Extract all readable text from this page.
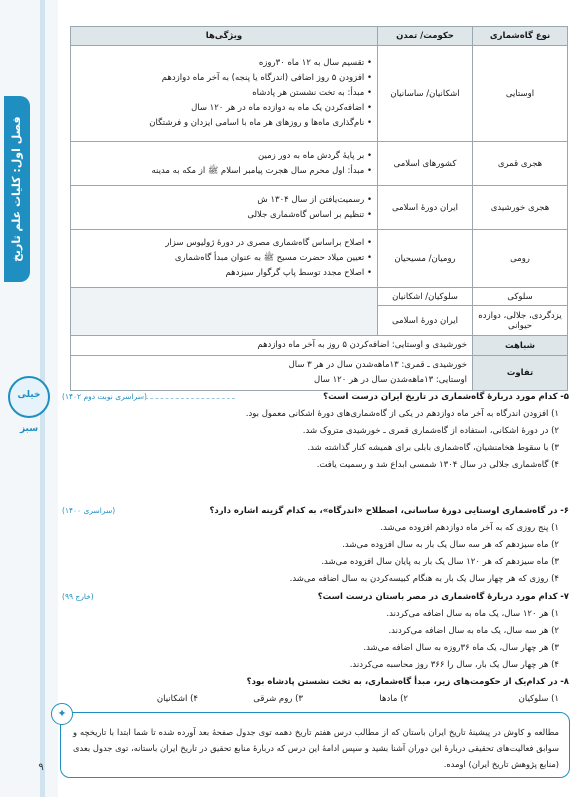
فصل اول: کلیات علم تاریخ
خیلی سبز
۹
نوع گاه‌شماری	حکومت/ تمدن	ویژگی‌ها
اوستایی	اشکانیان/ ساسانیان	• تقسیم سال به ۱۲ ماه ۳۰روزه
• افزودن ۵ روز اضافی (اندرگاه یا پنجه) به آخر ماه دوازدهم
• مبدأ: به تخت نشستن هر پادشاه
• اضافه‌کردن یک ماه به دوازده ماه در هر ۱۲۰ سال
• نام‌گذاری ماه‌ها و روزهای هر ماه با اسامی ایزدان و فرشتگان

هجری قمری	کشورهای اسلامی	• بر پایهٔ گردش ماه به دور زمین
• مبدأ: اول محرم سال هجرت پیامبر اسلام ﷺ از مکه به مدینه

هجری خورشیدی	ایران دورهٔ اسلامی	• رسمیت‌یافتن از سال ۱۳۰۴ ش
• تنظیم بر اساس گاه‌شماری جلالی

رومی	رومیان/ مسیحیان	• اصلاح براساس گاه‌شماری مصری در دورهٔ ژولیوس سزار
• تعیین میلاد حضرت مسیح ﷺ به عنوان مبدأ گاه‌شماری
• اصلاح مجدد توسط پاپ گرگوار سیزدهم

سلوکی	سلوکیان/ اشکانیان	
یزدگردی، جلالی، دوازده حیوانی	ایران دورهٔ اسلامی	
شباهت	خورشیدی و اوستایی: اضافه‌کردن ۵ روز به آخر ماه دوازدهم	
تفاوت	خورشیدی ـ قمری: ۱۳ماهه‌شدن سال در هر ۳ سال
اوستایی: ۱۳ماهه‌شدن سال در هر ۱۲۰ سال	
۵- کدام مورد دربارهٔ گاه‌شماری در تاریخ ایران درست است؟
(سراسری نوبت دوم ۱۴۰۲)
۱) افزودن اندرگاه به آخر ماه دوازدهم در یکی از گاه‌شماری‌های دورهٔ اشکانی معمول بود.
۲) در دورهٔ اشکانی، استفاده از گاه‌شماری قمری ـ خورشیدی متروک شد.
۳) با سقوط هخامنشیان، گاه‌شماری بابلی برای همیشه کنار گذاشته شد.
۴) گاه‌شماری جلالی در سال ۱۳۰۴ شمسی ابداع شد و رسمیت یافت.
۶- در گاه‌شماری اوستایی دورهٔ ساسانی، اصطلاح «اندرگاه»، به کدام گزینه اشاره دارد؟
(سراسری ۱۴۰۰)
۱) پنج روزی که به آخر ماه دوازدهم افزوده می‌شد.
۲) ماه سیزدهم که هر سه سال یک بار به سال افزوده می‌شد.
۳) ماه سیزدهم که هر ۱۲۰ سال یک بار به پایان سال افزوده می‌شد.
۴) روزی که هر چهار سال یک بار به هنگام کبیسه‌کردن به سال اضافه می‌شد.
۷- کدام مورد دربارهٔ گاه‌شماری در مصر باستان درست است؟
(خارج ۹۹)
۱) هر ۱۲۰ سال، یک ماه به سال اضافه می‌کردند.
۲) هر سه سال، یک ماه به سال اضافه می‌کردند.
۳) هر چهار سال، یک ماه ۳۶روزه به سال اضافه می‌شد.
۴) هر چهار سال یک بار، سال را ۳۶۶ روز محاسبه می‌کردند.
۸- در کدام‌یک از حکومت‌های زیر، مبدأ گاه‌شماری، به تخت نشستن پادشاه بود؟
۱) سلوکیان
۲) مادها
۳) روم شرقی
۴) اشکانیان
✦
مطالعه و کاوش در پیشینهٔ تاریخ ایران باستان که از مطالب درس هفتم تاریخ دهمه توی جدول صفحهٔ بعد آورده شده تا شما ابتدا با تاریخچه و سوابق فعالیت‌های تحقیقی دربارهٔ این دوران آشنا بشید و سپس ادامهٔ این درس که دربارهٔ منابع تحقیق در تاریخ ایران باستانه، توی جدول بعدی (منابع پژوهش تاریخ ایران) اومده.
